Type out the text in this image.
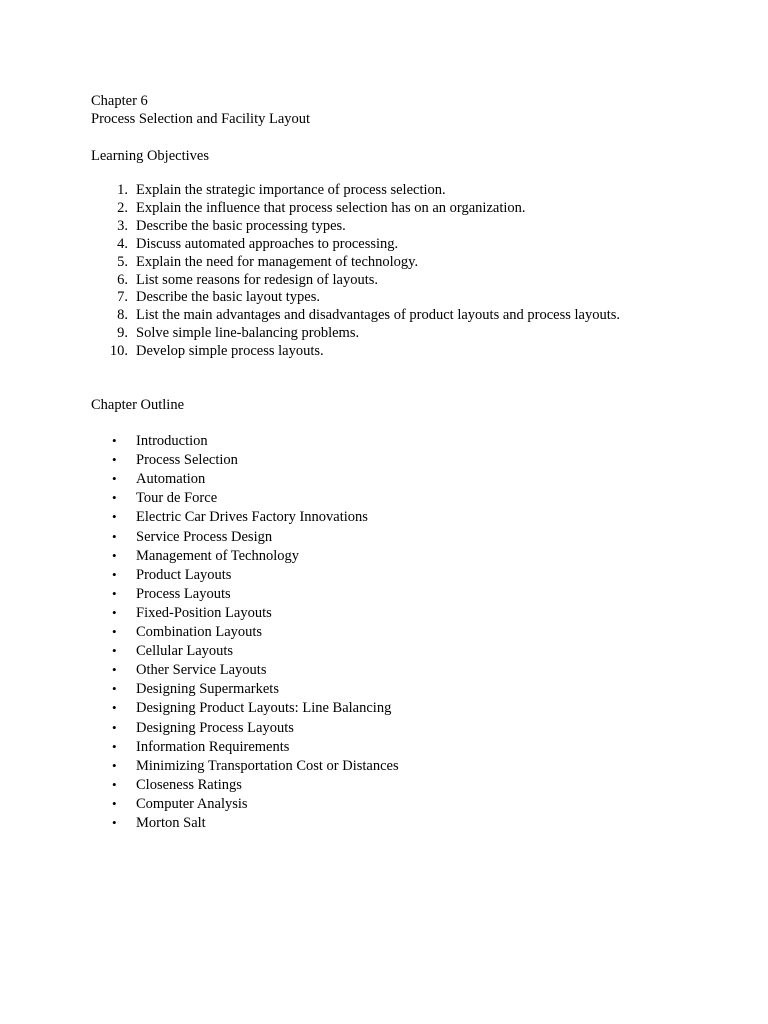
Chapter 6
Process Selection and Facility Layout
Learning Objectives
1. Explain the strategic importance of process selection.
2. Explain the influence that process selection has on an organization.
3. Describe the basic processing types.
4. Discuss automated approaches to processing.
5. Explain the need for management of technology.
6. List some reasons for redesign of layouts.
7. Describe the basic layout types.
8. List the main advantages and disadvantages of product layouts and process layouts.
9. Solve simple line-balancing problems.
10. Develop simple process layouts.
Chapter Outline
• Introduction
• Process Selection
• Automation
• Tour de Force
• Electric Car Drives Factory Innovations
• Service Process Design
• Management of Technology
• Product Layouts
• Process Layouts
• Fixed-Position Layouts
• Combination Layouts
• Cellular Layouts
• Other Service Layouts
• Designing Supermarkets
• Designing Product Layouts: Line Balancing
• Designing Process Layouts
• Information Requirements
• Minimizing Transportation Cost or Distances
• Closeness Ratings
• Computer Analysis
• Morton Salt
